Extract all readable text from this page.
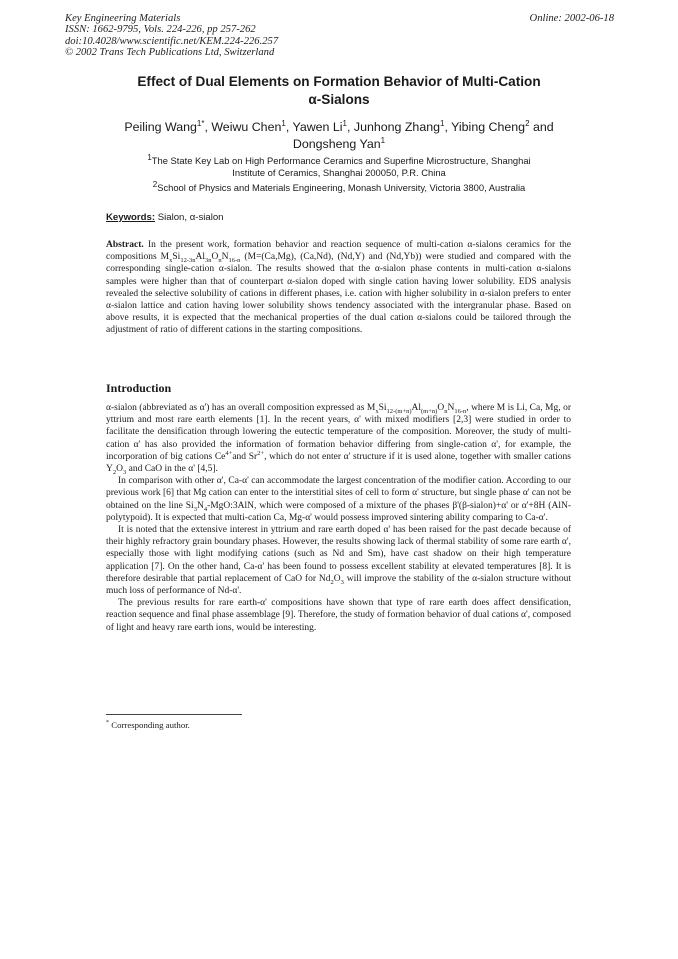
Key Engineering Materials
ISSN: 1662-9795, Vols. 224-226, pp 257-262
doi:10.4028/www.scientific.net/KEM.224-226.257
© 2002 Trans Tech Publications Ltd, Switzerland
Online: 2002-06-18
Effect of Dual Elements on Formation Behavior of Multi-Cation
α-Sialons
Peiling Wang$^{1*}$, Weiwu Chen$^1$, Yawen Li$^1$, Junhong Zhang$^1$, Yibing Cheng$^2$ and
Dongsheng Yan$^1$
$^1$The State Key Lab on High Performance Ceramics and Superfine Microstructure, Shanghai
Institute of Ceramics, Shanghai 200050, P.R. China
$^2$School of Physics and Materials Engineering, Monash University, Victoria 3800, Australia
Keywords: Sialon, α-sialon

Abstract. In the present work, formation behavior and reaction sequence of multi-cation α-sialons ceramics for the compositions $M_xSi_{12-3n}Al_{3n}O_nN_{16-n}$ (M=(Ca,Mg), (Ca,Nd), (Nd,Y) and (Nd,Yb)) were studied and compared with the corresponding single-cation α-sialon. The results showed that the α-sialon phase contents in multi-cation α-sialons samples were higher than that of counterpart α-sialon doped with single cation having lower solubility. EDS analysis revealed the selective solubility of cations in different phases, i.e. cation with higher solubility in α-sialon prefers to enter α-sialon lattice and cation having lower solubility shows tendency associated with the intergranular phase. Based on above results, it is expected that the mechanical properties of the dual cation α-sialons could be tailored through the adjustment of ratio of different cations in the starting compositions.

Introduction

α-sialon (abbreviated as α') has an overall composition expressed as $M_xSi_{12-(m+n)}Al_{(m+n)}O_nN_{16-n}$, where M is Li, Ca, Mg, or yttrium and most rare earth elements [1]. In the recent years, α' with mixed modifiers [2,3] were studied in order to facilitate the densification through lowering the eutectic temperature of the composition. Moreover, the study of multi-cation α' has also provided the information of formation behavior differing from single-cation α', for example, the incorporation of big cations $Ce^{4+}and$ $Sr^{2+}$, which do not enter α' structure if it is used alone, together with smaller cations $Y_2O_3$ and CaO in the α' [4,5].

In comparison with other α', Ca-α' can accommodate the largest concentration of the modifier cation. According to our previous work [6] that Mg cation can enter to the interstitial sites of cell to form α' structure, but single phase α' can not be obtained on the line $Si_3N_4-MgO:3AlN$, which were composed of a mixture of the phases β'(β-sialon)+α' or α'+8H (AlN-polytypoid). It is expected that multi-cation Ca, Mg-α' would possess improved sintering ability comparing to Ca-α'.

It is noted that the extensive interest in yttrium and rare earth doped α' has been raised for the past decade because of their highly refractory grain boundary phases. However, the results showing lack of thermal stability of some rare earth α', especially those with light modifying cations (such as Nd and Sm), have cast shadow on their high temperature application [7]. On the other hand, Ca-α' has been found to possess excellent stability at elevated temperatures [8]. It is therefore desirable that partial replacement of CaO for $Nd_2O_3$ will improve the stability of the α-sialon structure without much loss of performance of Nd-α'.

The previous results for rare earth-α' compositions have shown that type of rare earth does affect densification, reaction sequence and final phase assemblage [9]. Therefore, the study of formation behavior of dual cations α', composed of light and heavy rare earth ions, would be interesting.

* Corresponding author.
